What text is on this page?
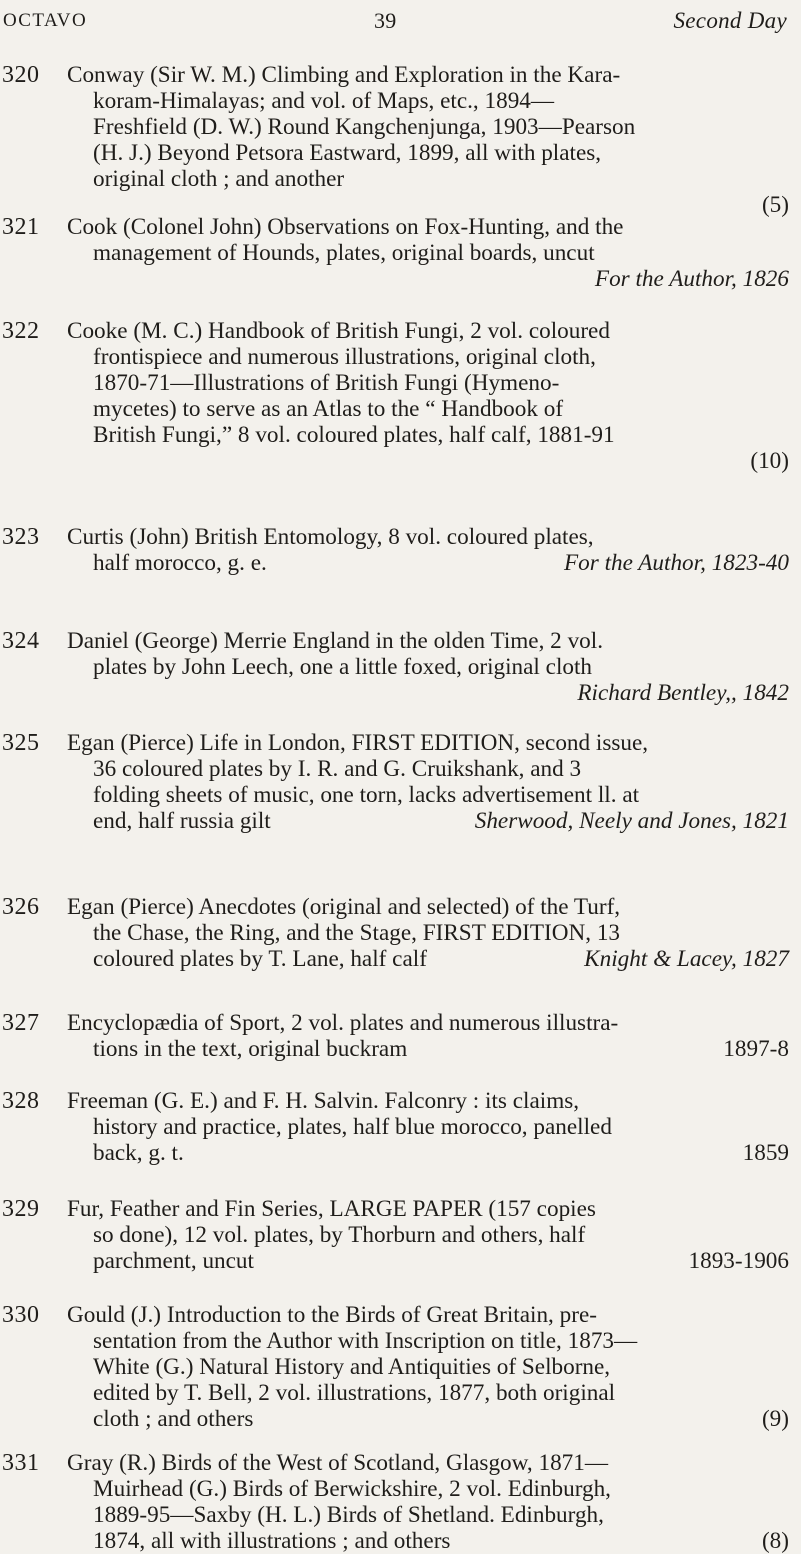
OCTAVO	39	Second Day
320 Conway (Sir W. M.) Climbing and Exploration in the Kara-
koram-Himalayas; and vol. of Maps, etc., 1894—
Freshfield (D. W.) Round Kangchenjunga, 1903—Pearson
(H. J.) Beyond Petsora Eastward, 1899, all with plates,
original cloth ; and another
(5)
321 Cook (Colonel John) Observations on Fox-Hunting, and the
management of Hounds, plates, original boards, uncut
For the Author, 1826
322 Cooke (M. C.) Handbook of British Fungi, 2 vol. coloured
frontispiece and numerous illustrations, original cloth,
1870-71—Illustrations of British Fungi (Hymeno-
mycetes) to serve as an Atlas to the “ Handbook of
British Fungi,” 8 vol. coloured plates, half calf, 1881-91
(10)
323 Curtis (John) British Entomology, 8 vol. coloured plates,
half morocco, g. e.	For the Author, 1823-40
324 Daniel (George) Merrie England in the olden Time, 2 vol.
plates by John Leech, one a little foxed, original cloth
Richard Bentley,, 1842
325 Egan (Pierce) Life in London, FIRST EDITION, second issue,
36 coloured plates by I. R. and G. Cruikshank, and 3
folding sheets of music, one torn, lacks advertisement ll. at
end, half russia gilt	Sherwood, Neely and Jones, 1821
326 Egan (Pierce) Anecdotes (original and selected) of the Turf,
the Chase, the Ring, and the Stage, FIRST EDITION, 13
coloured plates by T. Lane, half calf	Knight & Lacey, 1827
327 Encyclopædia of Sport, 2 vol. plates and numerous illustra-
tions in the text, original buckram	1897-8
328 Freeman (G. E.) and F. H. Salvin. Falconry : its claims,
history and practice, plates, half blue morocco, panelled
back, g. t.	1859
329 Fur, Feather and Fin Series, LARGE PAPER (157 copies
so done), 12 vol. plates, by Thorburn and others, half
parchment, uncut	1893-1906
330 Gould (J.) Introduction to the Birds of Great Britain, pre-
sentation from the Author with Inscription on title, 1873—
White (G.) Natural History and Antiquities of Selborne,
edited by T. Bell, 2 vol. illustrations, 1877, both original
cloth ; and others	(9)
331 Gray (R.) Birds of the West of Scotland, Glasgow, 1871—
Muirhead (G.) Birds of Berwickshire, 2 vol. Edinburgh,
1889-95—Saxby (H. L.) Birds of Shetland. Edinburgh,
1874, all with illustrations ; and others	(8)
